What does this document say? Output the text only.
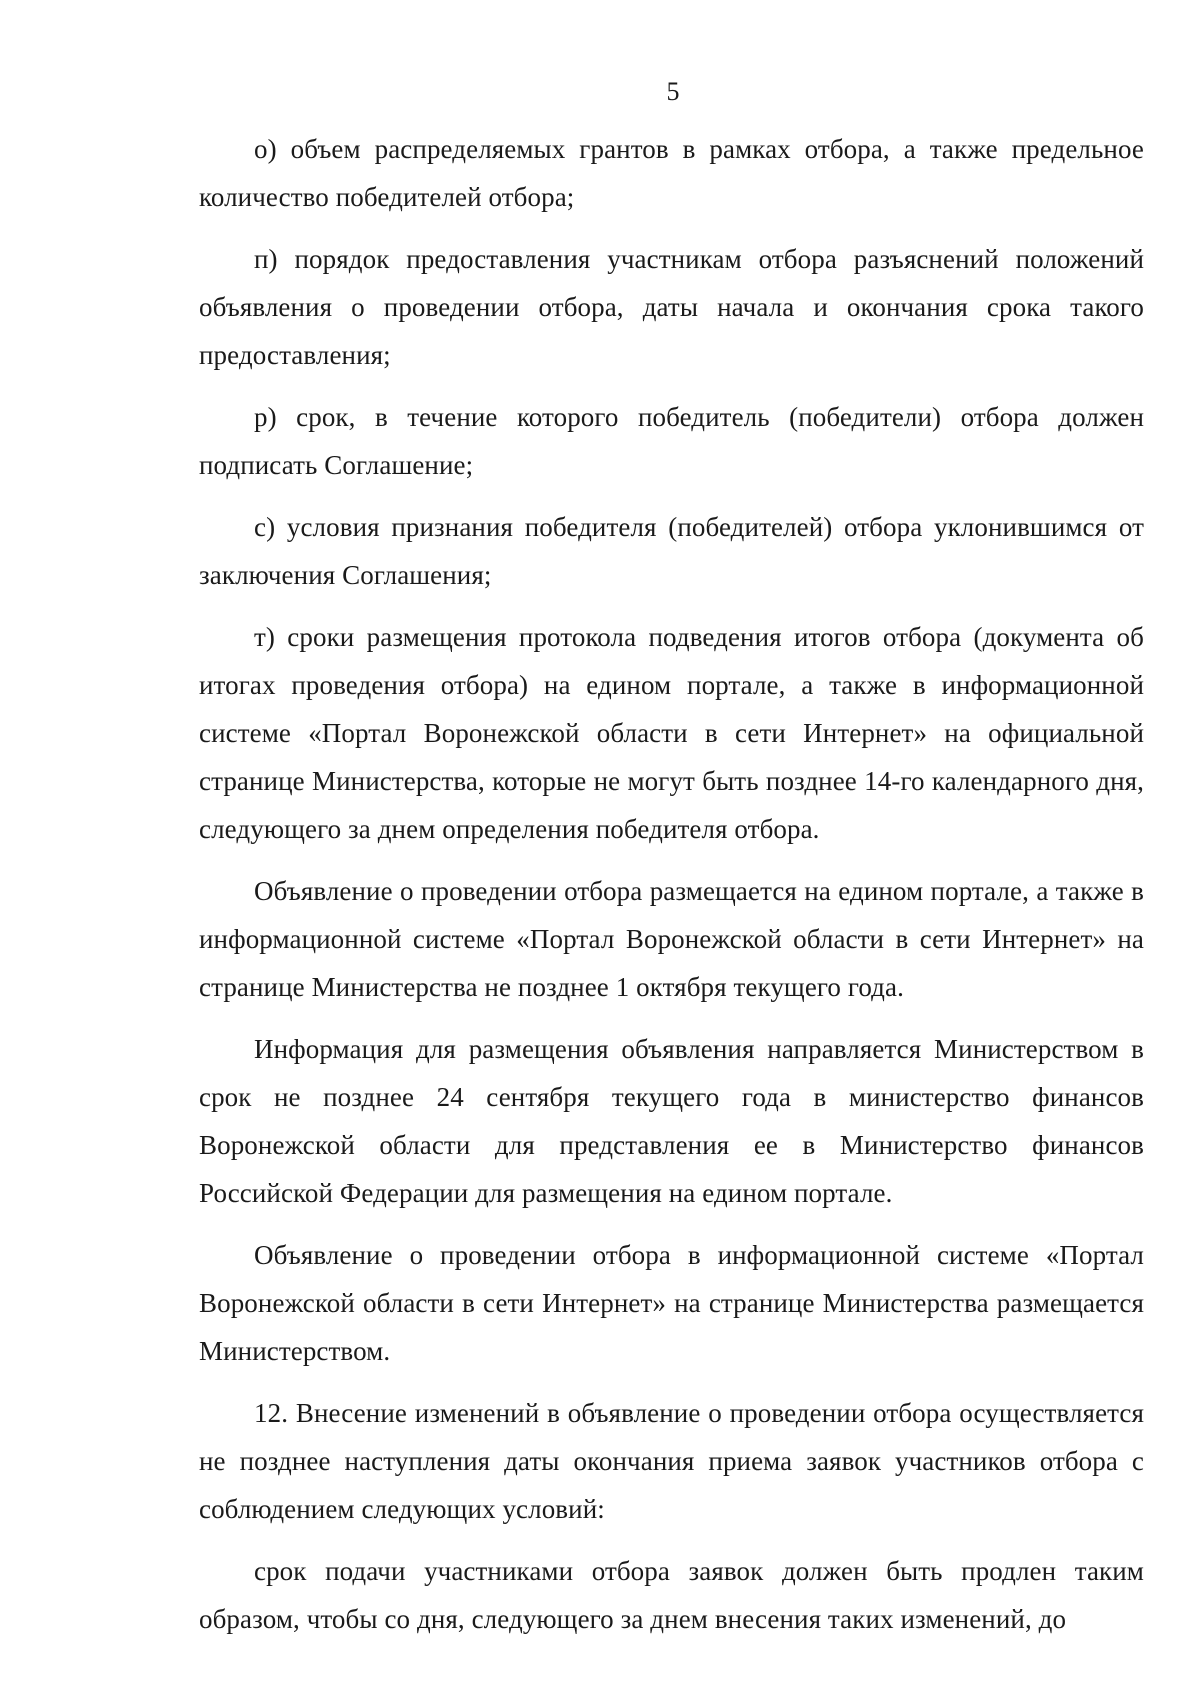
5

о) объем распределяемых грантов в рамках отбора, а также предельное количество победителей отбора;

п) порядок предоставления участникам отбора разъяснений положений объявления о проведении отбора, даты начала и окончания срока такого предоставления;

р) срок, в течение которого победитель (победители) отбора должен подписать Соглашение;

с) условия признания победителя (победителей) отбора уклонившимся от заключения Соглашения;

т) сроки размещения протокола подведения итогов отбора (документа об итогах проведения отбора) на едином портале, а также в информационной системе «Портал Воронежской области в сети Интернет» на официальной странице Министерства, которые не могут быть позднее 14-го календарного дня, следующего за днем определения победителя отбора.

Объявление о проведении отбора размещается на едином портале, а также в информационной системе «Портал Воронежской области в сети Интернет» на странице Министерства не позднее 1 октября текущего года.

Информация для размещения объявления направляется Министерством в срок не позднее 24 сентября текущего года в министерство финансов Воронежской области для представления ее в Министерство финансов Российской Федерации для размещения на едином портале.

Объявление о проведении отбора в информационной системе «Портал Воронежской области в сети Интернет» на странице Министерства размещается Министерством.

12. Внесение изменений в объявление о проведении отбора осуществляется не позднее наступления даты окончания приема заявок участников отбора с соблюдением следующих условий:

срок подачи участниками отбора заявок должен быть продлен таким образом, чтобы со дня, следующего за днем внесения таких изменений, до
